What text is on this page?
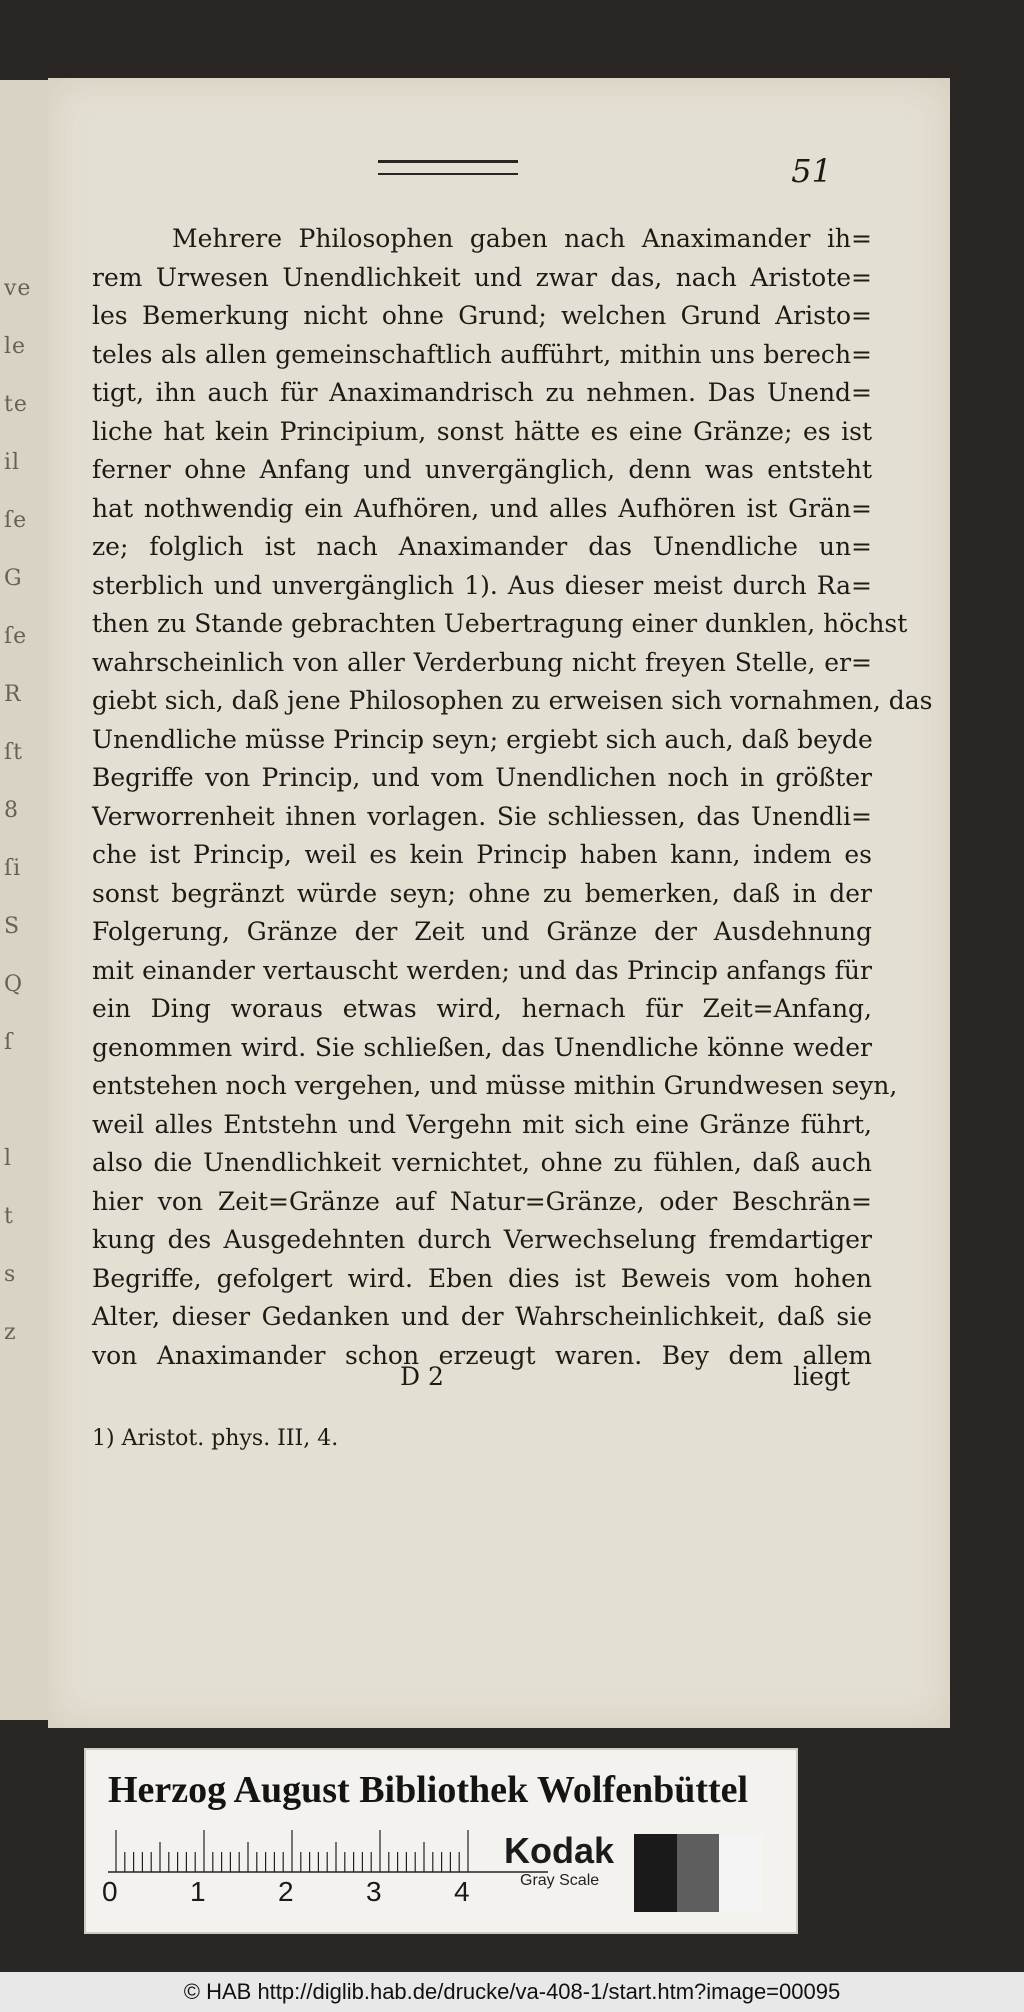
ve
le
te
il
ſe
G
ſe
R
ſt
8
ſi
S
Q
ſ

l
t
s
z
51
Mehrere Philosophen gaben nach Anaximander ih=
rem Urwesen Unendlichkeit und zwar das, nach Aristote=
les Bemerkung nicht ohne Grund; welchen Grund Aristo=
teles als allen gemeinschaftlich aufführt, mithin uns berech=
tigt, ihn auch für Anaximandrisch zu nehmen. Das Unend=
liche hat kein Principium, sonst hätte es eine Gränze; es ist
ferner ohne Anfang und unvergänglich, denn was entsteht
hat nothwendig ein Aufhören, und alles Aufhören ist Grän=
ze; folglich ist nach Anaximander das Unendliche un=
sterblich und unvergänglich 1). Aus dieser meist durch Ra=
then zu Stande gebrachten Uebertragung einer dunklen, höchst
wahrscheinlich von aller Verderbung nicht freyen Stelle, er=
giebt sich, daß jene Philosophen zu erweisen sich vornahmen, das
Unendliche müsse Princip seyn; ergiebt sich auch, daß beyde
Begriffe von Princip, und vom Unendlichen noch in größter
Verworrenheit ihnen vorlagen. Sie schliessen, das Unendli=
che ist Princip, weil es kein Princip haben kann, indem es
sonst begränzt würde seyn; ohne zu bemerken, daß in der
Folgerung, Gränze der Zeit und Gränze der Ausdehnung
mit einander vertauscht werden; und das Princip anfangs für
ein Ding woraus etwas wird, hernach für Zeit=Anfang,
genommen wird. Sie schließen, das Unendliche könne weder
entstehen noch vergehen, und müsse mithin Grundwesen seyn,
weil alles Entstehn und Vergehn mit sich eine Gränze führt,
also die Unendlichkeit vernichtet, ohne zu fühlen, daß auch
hier von Zeit=Gränze auf Natur=Gränze, oder Beschrän=
kung des Ausgedehnten durch Verwechselung fremdartiger
Begriffe, gefolgert wird. Eben dies ist Beweis vom hohen
Alter, dieser Gedanken und der Wahrscheinlichkeit, daß sie
von Anaximander schon erzeugt waren. Bey dem allem
D 2	liegt
1) Aristot. phys. III, 4.
Herzog August Bibliothek Wolfenbüttel
0	1	2	3	4
Kodak
Gray Scale
© HAB http://diglib.hab.de/drucke/va-408-1/start.htm?image=00095
